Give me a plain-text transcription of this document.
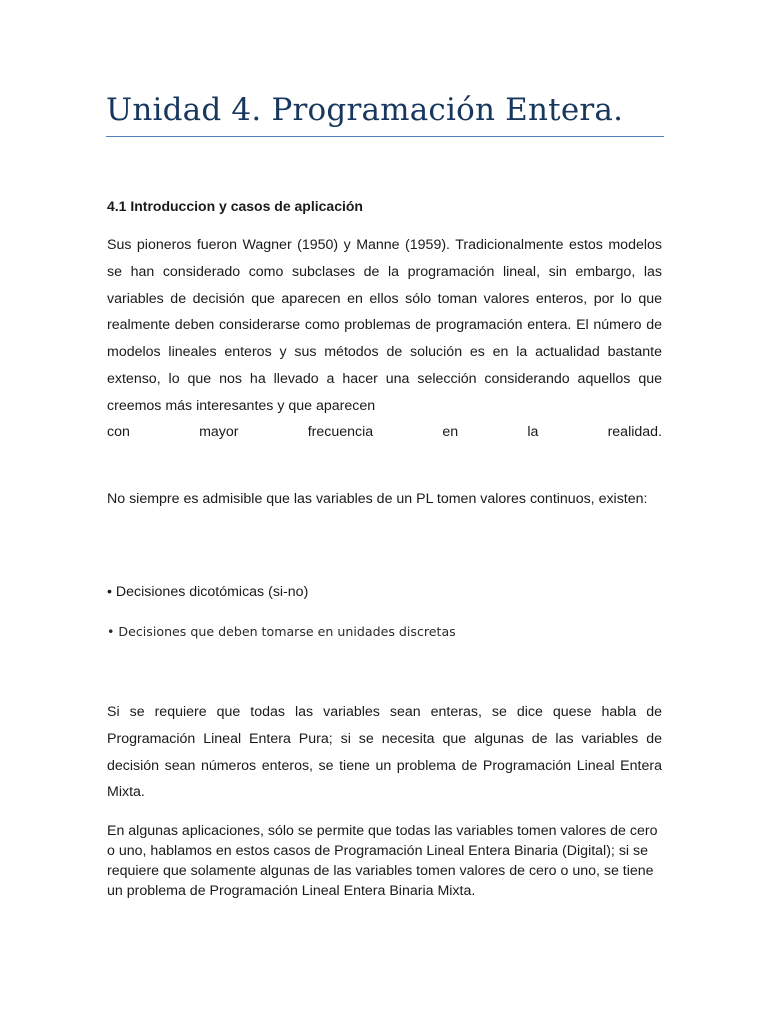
Unidad 4. Programación Entera.
4.1 Introduccion y casos de aplicación

Sus pioneros fueron Wagner (1950) y Manne (1959). Tradicionalmente estos modelos se han considerado como subclases de la programación lineal, sin embargo, las variables de decisión que aparecen en ellos sólo toman valores enteros, por lo que realmente deben considerarse como problemas de programación entera. El número de modelos lineales enteros y sus métodos de solución es en la actualidad bastante extenso, lo que nos ha llevado a hacer una selección considerando aquellos que creemos más interesantes y que aparecen

con mayor frecuencia en la realidad.

No siempre es admisible que las variables de un PL tomen valores continuos, existen:

• Decisiones dicotómicas (si-no)

• Decisiones que deben tomarse en unidades discretas

Si se requiere que todas las variables sean enteras, se dice quese habla de Programación Lineal Entera Pura; si se necesita que algunas de las variables de decisión sean números enteros, se tiene un problema de Programación Lineal Entera Mixta.

En algunas aplicaciones, sólo se permite que todas las variables tomen valores de cero o uno, hablamos en estos casos de Programación Lineal Entera Binaria (Digital); si se requiere que solamente algunas de las variables tomen valores de cero o uno, se tiene un problema de Programación Lineal Entera Binaria Mixta.
